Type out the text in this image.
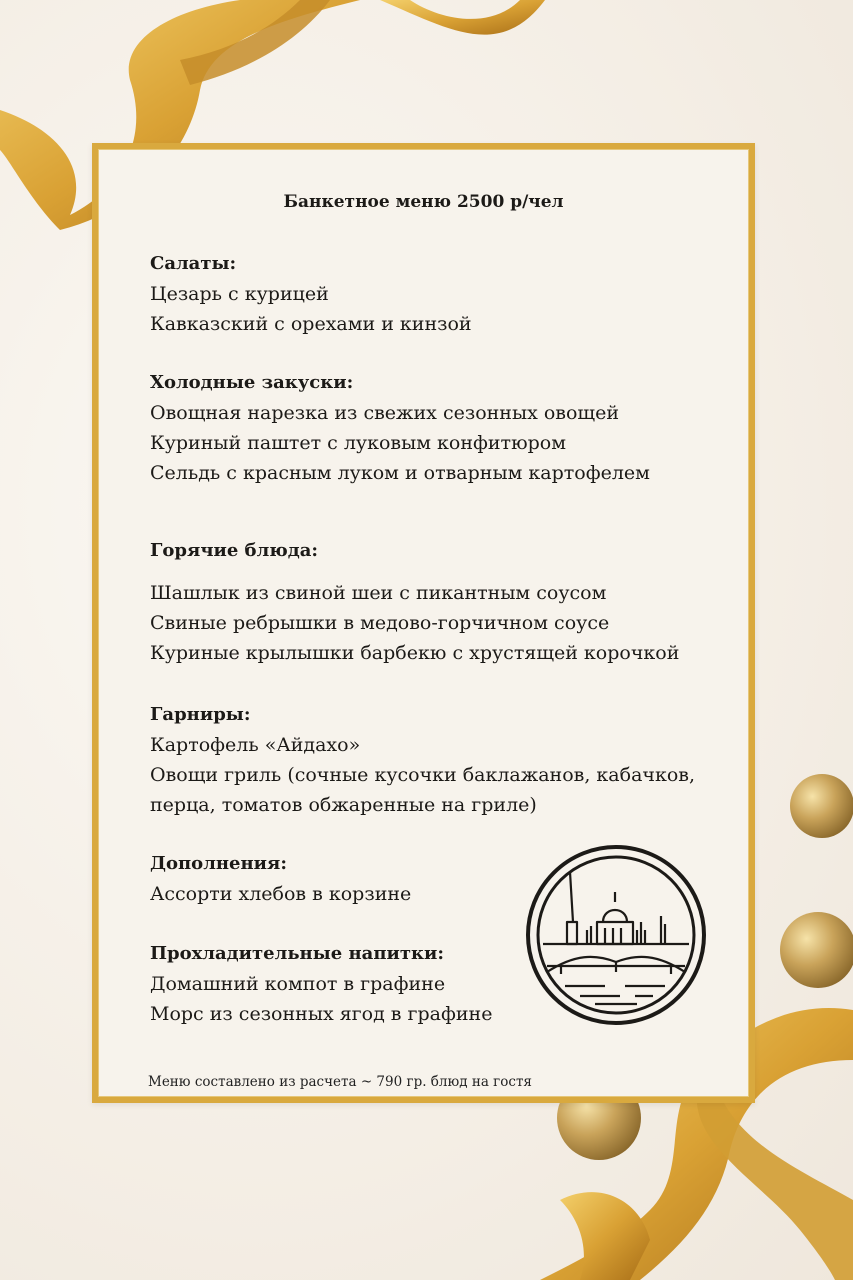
Банкетное меню 2500 р/чел
Салаты:
Цезарь с курицей
Кавказский с орехами и кинзой
Холодные закуски:
Овощная нарезка из свежих сезонных овощей
Куриный паштет с луковым конфитюром
Сельдь с красным луком и отварным картофелем
Горячие блюда:
Шашлык из свиной шеи с пикантным соусом
Свиные ребрышки в медово-горчичном соусе
Куриные крылышки барбекю с хрустящей корочкой
Гарниры:
Картофель «Айдахо»
Овощи гриль (сочные кусочки баклажанов, кабачков,
перца, томатов обжаренные на гриле)
Дополнения:
Ассорти хлебов в корзине
Прохладительные напитки:
Домашний компот в графине
Морс из сезонных ягод в графине
Меню составлено из расчета ~ 790 гр. блюд на гостя
